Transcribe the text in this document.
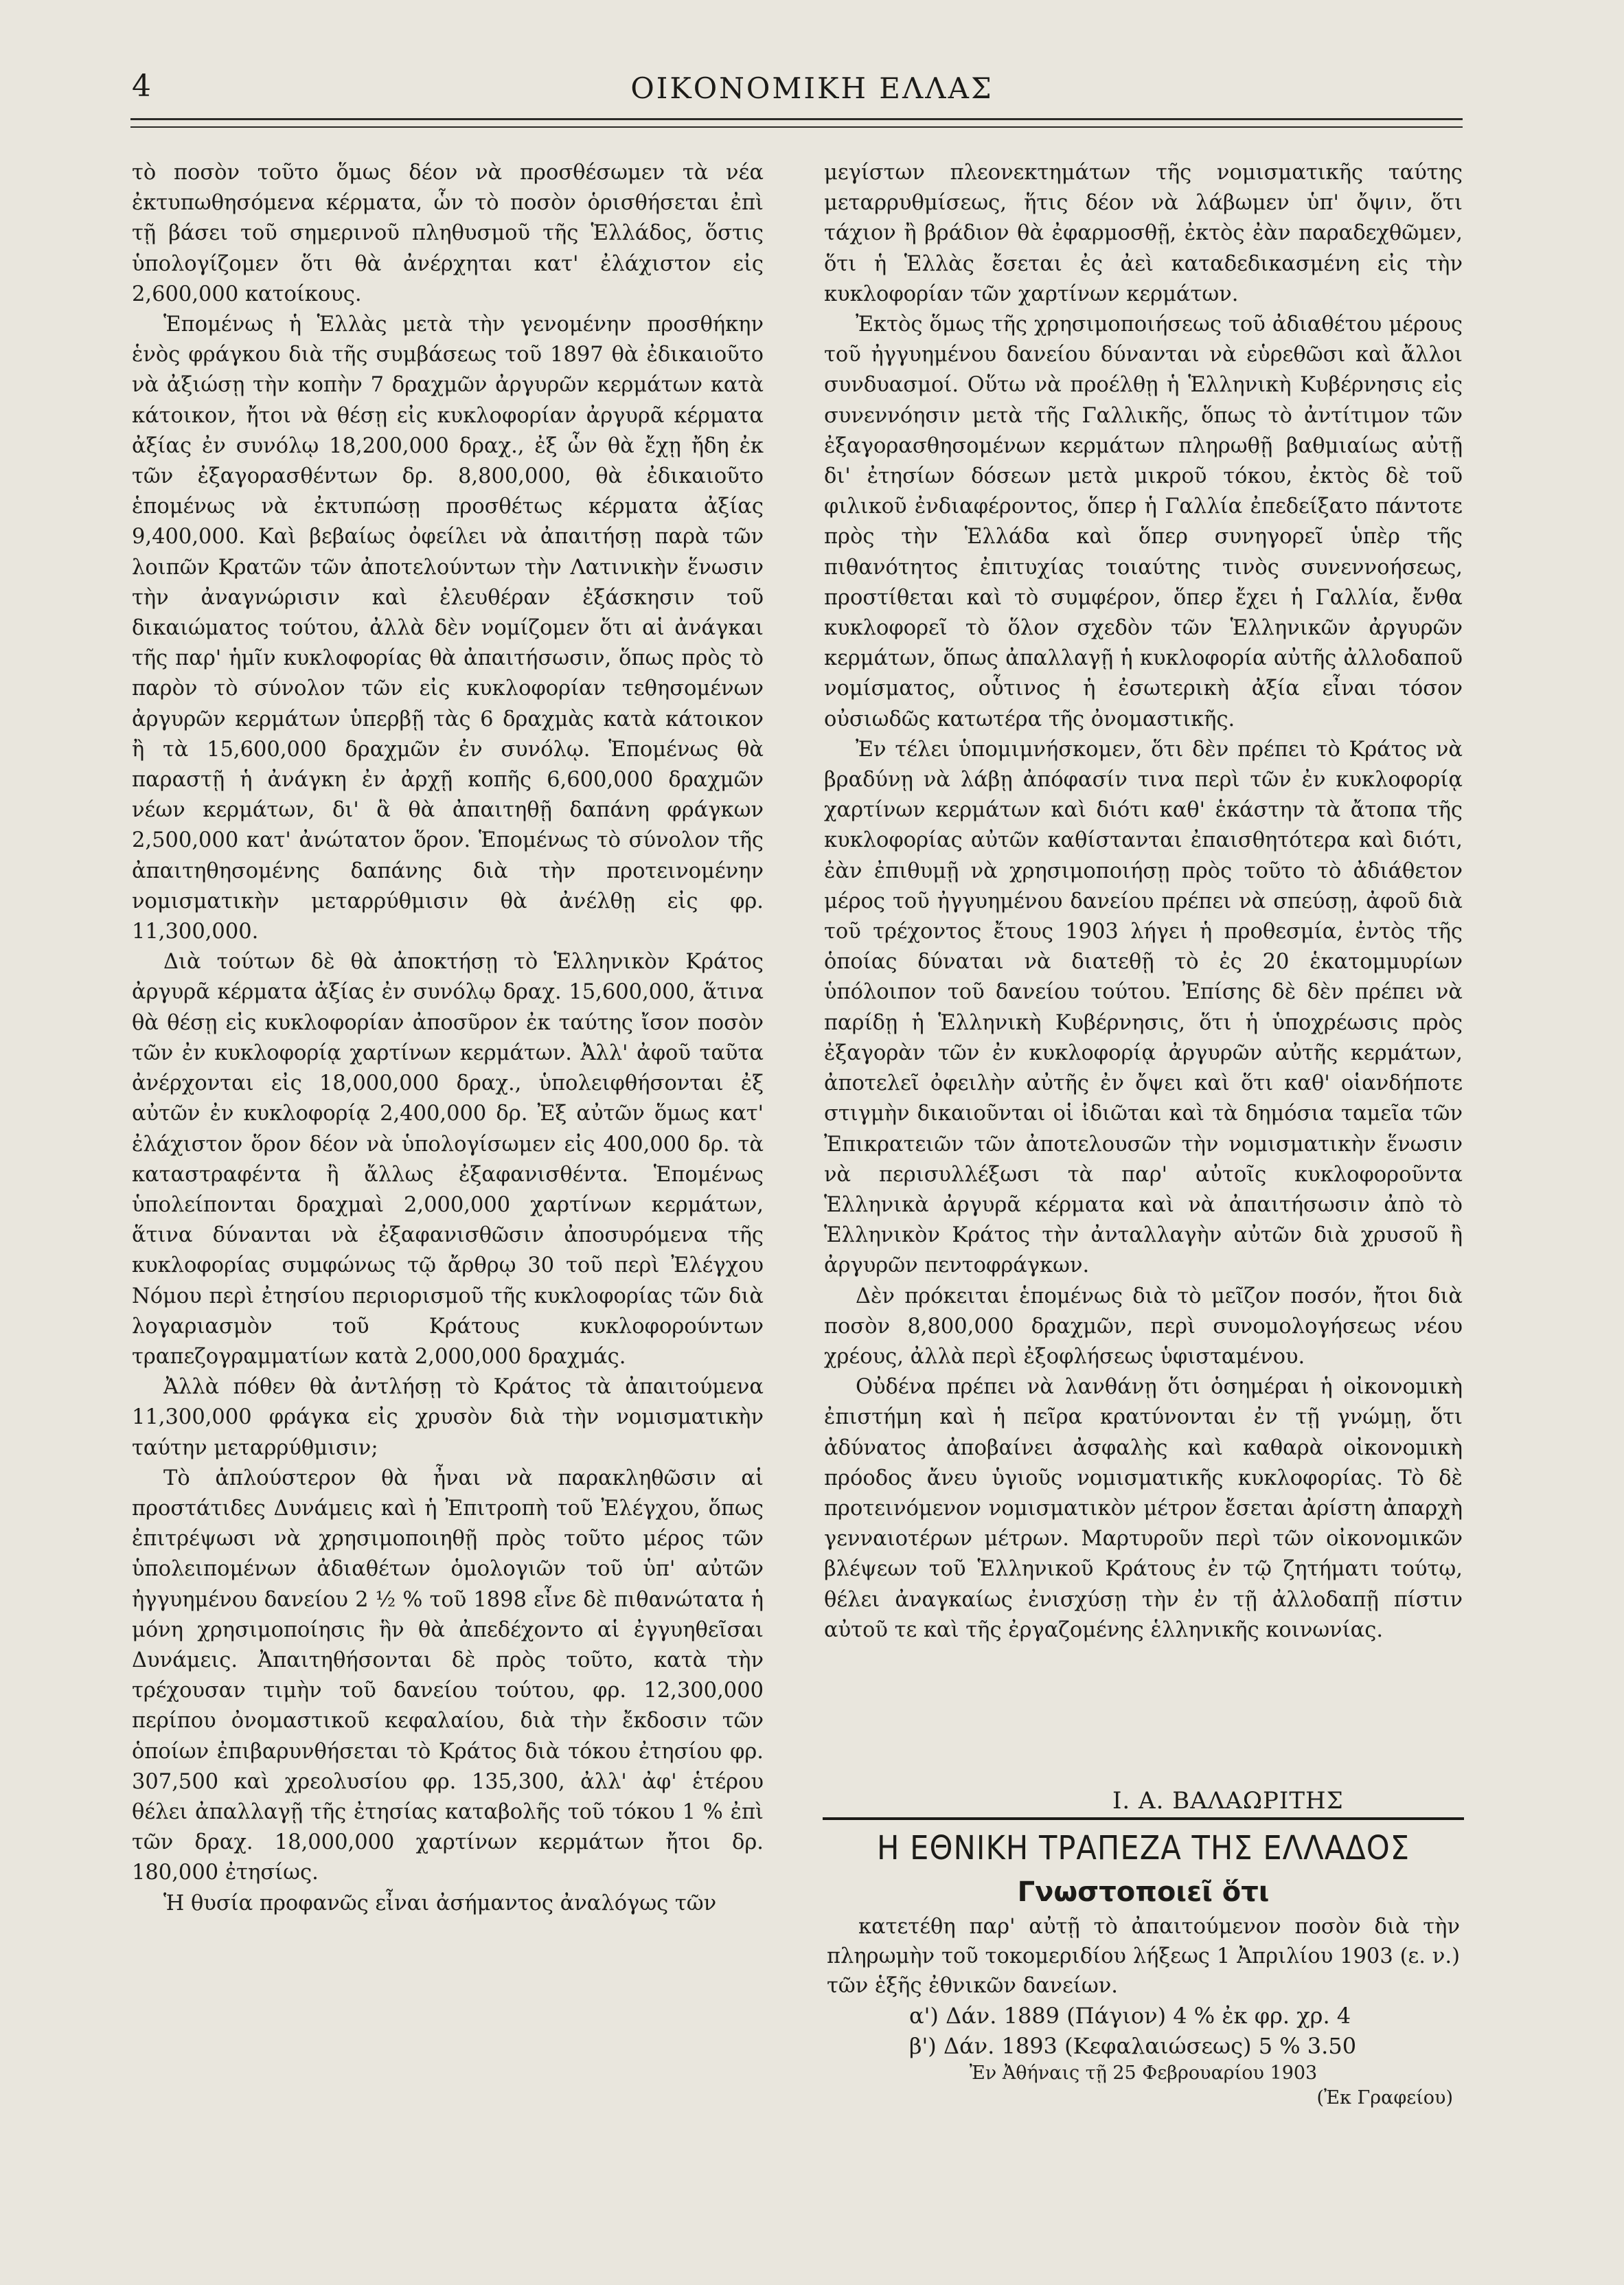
4	ΟΙΚΟΝΟΜΙΚΗ ΕΛΛΑΣ

τὸ ποσὸν τοῦτο ὅμως δέον νὰ προσθέσωμεν τὰ νέα ἐκτυπωθησόμενα κέρματα, ὧν τὸ ποσὸν ὁρισθήσεται ἐπὶ τῇ βάσει τοῦ σημερινοῦ πληθυσμοῦ τῆς Ἑλλάδος, ὅστις ὑπολογίζομεν ὅτι θὰ ἀνέρχηται κατ' ἐλάχιστον εἰς 2,600,000 κατοίκους.

Ἑπομένως ἡ Ἑλλὰς μετὰ τὴν γενομένην προσθήκην ἑνὸς φράγκου διὰ τῆς συμβάσεως τοῦ 1897 θὰ ἐδικαιοῦτο νὰ ἀξιώσῃ τὴν κοπὴν 7 δραχμῶν ἀργυρῶν κερμάτων κατὰ κάτοικον, ἤτοι νὰ θέσῃ εἰς κυκλοφορίαν ἀργυρᾶ κέρματα ἀξίας ἐν συνόλῳ 18,200,000 δραχ., ἐξ ὧν θὰ ἔχῃ ἤδη ἐκ τῶν ἐξαγορασθέντων δρ. 8,800,000, θὰ ἐδικαιοῦτο ἑπομένως νὰ ἐκτυπώσῃ προσθέτως κέρματα ἀξίας 9,400,000. Καὶ βεβαίως ὀφείλει νὰ ἀπαιτήσῃ παρὰ τῶν λοιπῶν Κρατῶν τῶν ἀποτελούντων τὴν Λατινικὴν ἕνωσιν τὴν ἀναγνώρισιν καὶ ἐλευθέραν ἐξάσκησιν τοῦ δικαιώματος τούτου, ἀλλὰ δὲν νομίζομεν ὅτι αἱ ἀνάγκαι τῆς παρ' ἡμῖν κυκλοφορίας θὰ ἀπαιτήσωσιν, ὅπως πρὸς τὸ παρὸν τὸ σύνολον τῶν εἰς κυκλοφορίαν τεθησομένων ἀργυρῶν κερμάτων ὑπερβῇ τὰς 6 δραχμὰς κατὰ κάτοικον ἢ τὰ 15,600,000 δραχμῶν ἐν συνόλῳ. Ἑπομένως θὰ παραστῇ ἡ ἀνάγκη ἐν ἀρχῇ κοπῆς 6,600,000 δραχμῶν νέων κερμάτων, δι' ἃ θὰ ἀπαιτηθῇ δαπάνη φράγκων 2,500,000 κατ' ἀνώτατον ὅρον. Ἑπομένως τὸ σύνολον τῆς ἀπαιτηθησομένης δαπάνης διὰ τὴν προτεινομένην νομισματικὴν μεταρρύθμισιν θὰ ἀνέλθῃ εἰς φρ. 11,300,000.

Διὰ τούτων δὲ θὰ ἀποκτήσῃ τὸ Ἑλληνικὸν Κράτος ἀργυρᾶ κέρματα ἀξίας ἐν συνόλῳ δραχ. 15,600,000, ἅτινα θὰ θέσῃ εἰς κυκλοφορίαν ἀποσῦρον ἐκ ταύτης ἴσον ποσὸν τῶν ἐν κυκλοφορίᾳ χαρτίνων κερμάτων. Ἀλλ' ἀφοῦ ταῦτα ἀνέρχονται εἰς 18,000,000 δραχ., ὑπολειφθήσονται ἐξ αὐτῶν ἐν κυκλοφορίᾳ 2,400,000 δρ. Ἐξ αὐτῶν ὅμως κατ' ἐλάχιστον ὅρον δέον νὰ ὑπολογίσωμεν εἰς 400,000 δρ. τὰ καταστραφέντα ἢ ἄλλως ἐξαφανισθέντα. Ἑπομένως ὑπολείπονται δραχμαὶ 2,000,000 χαρτίνων κερμάτων, ἅτινα δύνανται νὰ ἐξαφανισθῶσιν ἀποσυρόμενα τῆς κυκλοφορίας συμφώνως τῷ ἄρθρῳ 30 τοῦ περὶ Ἐλέγχου Νόμου περὶ ἐτησίου περιορισμοῦ τῆς κυκλοφορίας τῶν διὰ λογαριασμὸν τοῦ Κράτους κυκλοφορούντων τραπεζογραμματίων κατὰ 2,000,000 δραχμάς.

Ἀλλὰ πόθεν θὰ ἀντλήσῃ τὸ Κράτος τὰ ἀπαιτούμενα 11,300,000 φράγκα εἰς χρυσὸν διὰ τὴν νομισματικὴν ταύτην μεταρρύθμισιν;

Τὸ ἁπλούστερον θὰ ἦναι νὰ παρακληθῶσιν αἱ προστάτιδες Δυνάμεις καὶ ἡ Ἐπιτροπὴ τοῦ Ἐλέγχου, ὅπως ἐπιτρέψωσι νὰ χρησιμοποιηθῇ πρὸς τοῦτο μέρος τῶν ὑπολειπομένων ἀδιαθέτων ὁμολογιῶν τοῦ ὑπ' αὐτῶν ἠγγυημένου δανείου 2 ½ % τοῦ 1898 εἶνε δὲ πιθανώτατα ἡ μόνη χρησιμοποίησις ἣν θὰ ἀπεδέχοντο αἱ ἐγγυηθεῖσαι Δυνάμεις. Ἀπαιτηθήσονται δὲ πρὸς τοῦτο, κατὰ τὴν τρέχουσαν τιμὴν τοῦ δανείου τούτου, φρ. 12,300,000 περίπου ὀνομαστικοῦ κεφαλαίου, διὰ τὴν ἔκδοσιν τῶν ὁποίων ἐπιβαρυνθήσεται τὸ Κράτος διὰ τόκου ἐτησίου φρ. 307,500 καὶ χρεολυσίου φρ. 135,300, ἀλλ' ἀφ' ἑτέρου θέλει ἀπαλλαγῇ τῆς ἐτησίας καταβολῆς τοῦ τόκου 1 % ἐπὶ τῶν δραχ. 18,000,000 χαρτίνων κερμάτων ἤτοι δρ. 180,000 ἐτησίως.

Ἡ θυσία προφανῶς εἶναι ἀσήμαντος ἀναλόγως τῶν

μεγίστων πλεονεκτημάτων τῆς νομισματικῆς ταύτης μεταρρυθμίσεως, ἥτις δέον νὰ λάβωμεν ὑπ' ὄψιν, ὅτι τάχιον ἢ βράδιον θὰ ἐφαρμοσθῇ, ἐκτὸς ἐὰν παραδεχθῶμεν, ὅτι ἡ Ἑλλὰς ἔσεται ἐς ἀεὶ καταδεδικασμένη εἰς τὴν κυκλοφορίαν τῶν χαρτίνων κερμάτων.

Ἐκτὸς ὅμως τῆς χρησιμοποιήσεως τοῦ ἀδιαθέτου μέρους τοῦ ἠγγυημένου δανείου δύνανται νὰ εὑρεθῶσι καὶ ἄλλοι συνδυασμοί. Οὕτω νὰ προέλθῃ ἡ Ἑλληνικὴ Κυβέρνησις εἰς συνεννόησιν μετὰ τῆς Γαλλικῆς, ὅπως τὸ ἀντίτιμον τῶν ἐξαγορασθησομένων κερμάτων πληρωθῇ βαθμιαίως αὐτῇ δι' ἐτησίων δόσεων μετὰ μικροῦ τόκου, ἐκτὸς δὲ τοῦ φιλικοῦ ἐνδιαφέροντος, ὅπερ ἡ Γαλλία ἐπεδείξατο πάντοτε πρὸς τὴν Ἑλλάδα καὶ ὅπερ συνηγορεῖ ὑπὲρ τῆς πιθανότητος ἐπιτυχίας τοιαύτης τινὸς συνεννοήσεως, προστίθεται καὶ τὸ συμφέρον, ὅπερ ἔχει ἡ Γαλλία, ἔνθα κυκλοφορεῖ τὸ ὅλον σχεδὸν τῶν Ἑλληνικῶν ἀργυρῶν κερμάτων, ὅπως ἀπαλλαγῇ ἡ κυκλοφορία αὐτῆς ἀλλοδαποῦ νομίσματος, οὗτινος ἡ ἐσωτερικὴ ἀξία εἶναι τόσον οὐσιωδῶς κατωτέρα τῆς ὀνομαστικῆς.

Ἐν τέλει ὑπομιμνήσκομεν, ὅτι δὲν πρέπει τὸ Κράτος νὰ βραδύνῃ νὰ λάβῃ ἀπόφασίν τινα περὶ τῶν ἐν κυκλοφορίᾳ χαρτίνων κερμάτων καὶ διότι καθ' ἑκάστην τὰ ἄτοπα τῆς κυκλοφορίας αὐτῶν καθίστανται ἐπαισθητότερα καὶ διότι, ἐὰν ἐπιθυμῇ νὰ χρησιμοποιήσῃ πρὸς τοῦτο τὸ ἀδιάθετον μέρος τοῦ ἠγγυημένου δανείου πρέπει νὰ σπεύσῃ, ἀφοῦ διὰ τοῦ τρέχοντος ἔτους 1903 λήγει ἡ προθεσμία, ἐντὸς τῆς ὁποίας δύναται νὰ διατεθῇ τὸ ἐς 20 ἑκατομμυρίων ὑπόλοιπον τοῦ δανείου τούτου. Ἐπίσης δὲ δὲν πρέπει νὰ παρίδῃ ἡ Ἑλληνικὴ Κυβέρνησις, ὅτι ἡ ὑποχρέωσις πρὸς ἐξαγορὰν τῶν ἐν κυκλοφορίᾳ ἀργυρῶν αὐτῆς κερμάτων, ἀποτελεῖ ὀφειλὴν αὐτῆς ἐν ὄψει καὶ ὅτι καθ' οἱανδήποτε στιγμὴν δικαιοῦνται οἱ ἰδιῶται καὶ τὰ δημόσια ταμεῖα τῶν Ἐπικρατειῶν τῶν ἀποτελουσῶν τὴν νομισματικὴν ἕνωσιν νὰ περισυλλέξωσι τὰ παρ' αὐτοῖς κυκλοφοροῦντα Ἑλληνικὰ ἀργυρᾶ κέρματα καὶ νὰ ἀπαιτήσωσιν ἀπὸ τὸ Ἑλληνικὸν Κράτος τὴν ἀνταλλαγὴν αὐτῶν διὰ χρυσοῦ ἢ ἀργυρῶν πεντοφράγκων.

Δὲν πρόκειται ἑπομένως διὰ τὸ μεῖζον ποσόν, ἤτοι διὰ ποσὸν 8,800,000 δραχμῶν, περὶ συνομολογήσεως νέου χρέους, ἀλλὰ περὶ ἐξοφλήσεως ὑφισταμένου.

Οὐδένα πρέπει νὰ λανθάνῃ ὅτι ὁσημέραι ἡ οἰκονομικὴ ἐπιστήμη καὶ ἡ πεῖρα κρατύνονται ἐν τῇ γνώμῃ, ὅτι ἀδύνατος ἀποβαίνει ἀσφαλὴς καὶ καθαρὰ οἰκονομικὴ πρόοδος ἄνευ ὑγιοῦς νομισματικῆς κυκλοφορίας. Τὸ δὲ προτεινόμενον νομισματικὸν μέτρον ἔσεται ἀρίστη ἀπαρχὴ γενναιοτέρων μέτρων. Μαρτυροῦν περὶ τῶν οἰκονομικῶν βλέψεων τοῦ Ἑλληνικοῦ Κράτους ἐν τῷ ζητήματι τούτῳ, θέλει ἀναγκαίως ἐνισχύσῃ τὴν ἐν τῇ ἀλλοδαπῇ πίστιν αὐτοῦ τε καὶ τῆς ἐργαζομένης ἑλληνικῆς κοινωνίας.

Ι. Α. ΒΑΛΑΩΡΙΤΗΣ
Η ΕΘΝΙΚΗ ΤΡΑΠΕΖΑ ΤΗΣ ΕΛΛΑΔΟΣ
Γνωστοποιεῖ ὅτι

κατετέθη παρ' αὐτῇ τὸ ἀπαιτούμενον ποσὸν διὰ τὴν πληρωμὴν τοῦ τοκομεριδίου λήξεως 1 Ἀπριλίου 1903 (ε. ν.) τῶν ἑξῆς ἐθνικῶν δανείων.

α') Δάν. 1889 (Πάγιον) 4 % ἐκ φρ. χρ. 4
β') Δάν. 1893 (Κεφαλαιώσεως) 5 % 3.50
Ἐν Ἀθήναις τῇ 25 Φεβρουαρίου 1903
(Ἐκ Γραφείου)
